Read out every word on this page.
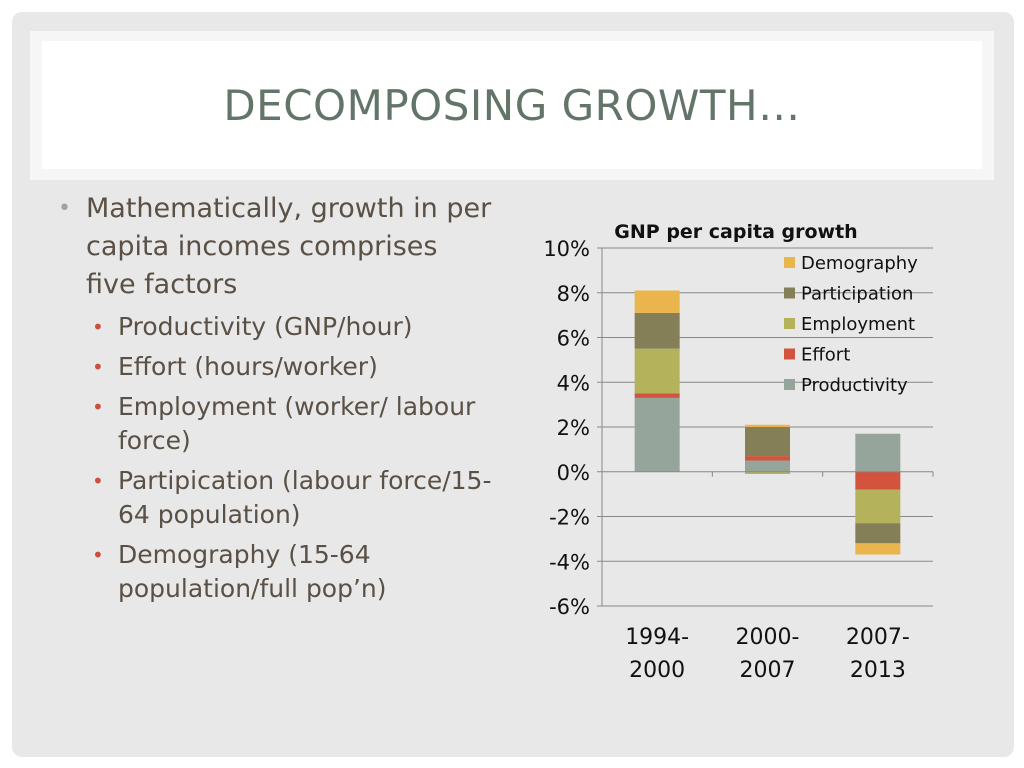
DECOMPOSING GROWTH…
• Mathematically, growth in per capita incomes comprises five factors
• Productivity (GNP/hour)
• Effort (hours/worker)
• Employment (worker/ labour force)
• Partipication (labour force/15-64 population)
• Demography (15-64 population/full pop’n)
GNP per capita growth
10%
8%
6%
4%
2%
0%
-2%
-4%
-6%
1994-2000
2000-2007
2007-2013
Demography
Participation
Employment
Effort
Productivity
